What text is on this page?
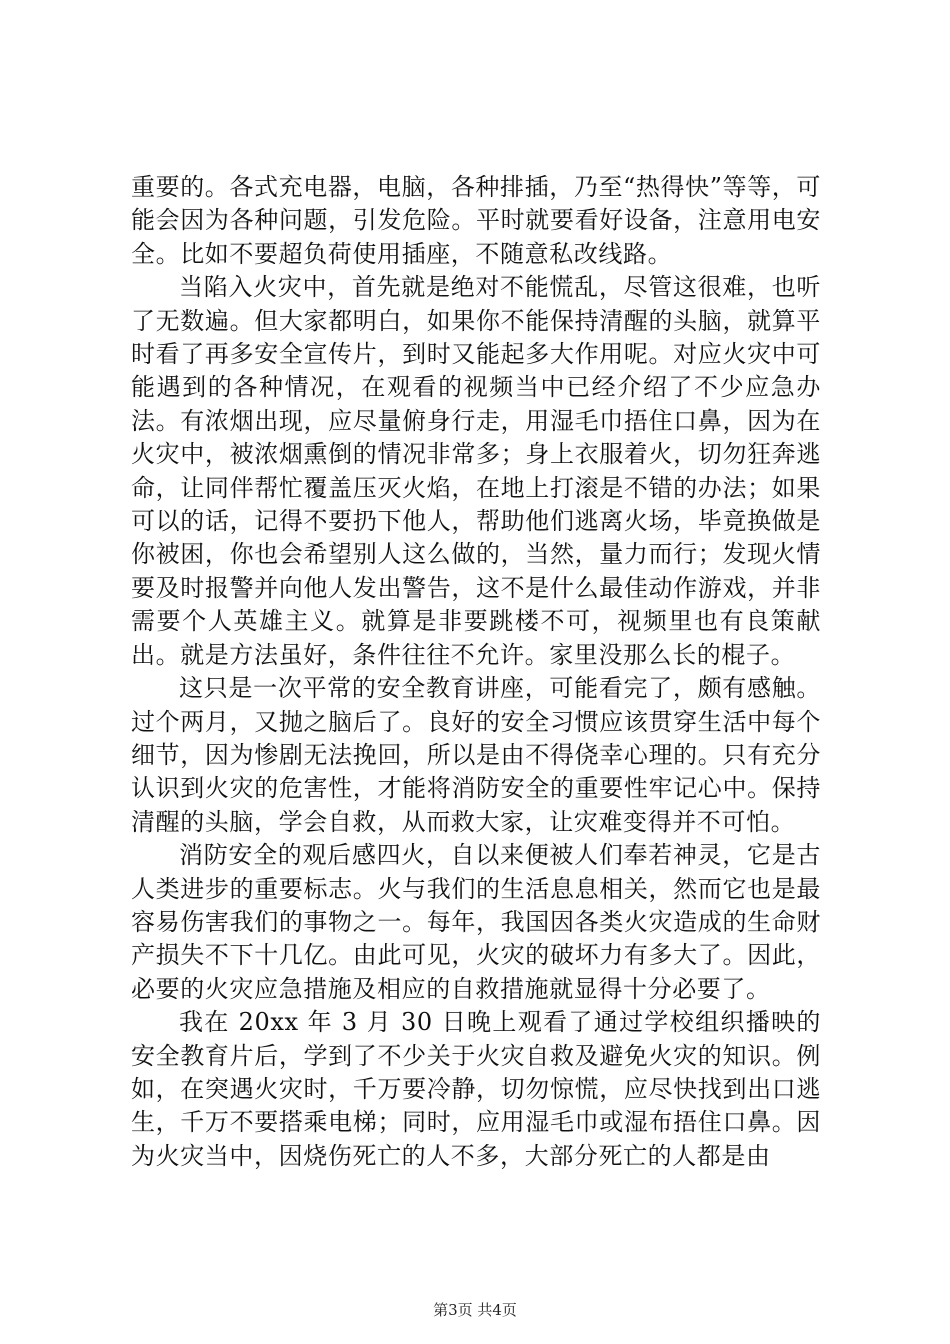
重要的。各式充电器，电脑，各种排插，乃至“热得快”等等，可能会因为各种问题，引发危险。平时就要看好设备，注意用电安全。比如不要超负荷使用插座，不随意私改线路。

当陷入火灾中，首先就是绝对不能慌乱，尽管这很难，也听了无数遍。但大家都明白，如果你不能保持清醒的头脑，就算平时看了再多安全宣传片，到时又能起多大作用呢。对应火灾中可能遇到的各种情况，在观看的视频当中已经介绍了不少应急办法。有浓烟出现，应尽量俯身行走，用湿毛巾捂住口鼻，因为在火灾中，被浓烟熏倒的情况非常多；身上衣服着火，切勿狂奔逃命，让同伴帮忙覆盖压灭火焰，在地上打滚是不错的办法；如果可以的话，记得不要扔下他人，帮助他们逃离火场，毕竟换做是你被困，你也会希望别人这么做的，当然，量力而行；发现火情要及时报警并向他人发出警告，这不是什么最佳动作游戏，并非需要个人英雄主义。就算是非要跳楼不可，视频里也有良策献出。就是方法虽好，条件往往不允许。家里没那么长的棍子。

这只是一次平常的安全教育讲座，可能看完了，颇有感触。过个两月，又抛之脑后了。良好的安全习惯应该贯穿生活中每个细节，因为惨剧无法挽回，所以是由不得侥幸心理的。只有充分认识到火灾的危害性，才能将消防安全的重要性牢记心中。保持清醒的头脑，学会自救，从而救大家，让灾难变得并不可怕。

消防安全的观后感四火，自以来便被人们奉若神灵，它是古人类进步的重要标志。火与我们的生活息息相关，然而它也是最容易伤害我们的事物之一。每年，我国因各类火灾造成的生命财产损失不下十几亿。由此可见，火灾的破坏力有多大了。因此，必要的火灾应急措施及相应的自救措施就显得十分必要了。

我在 20xx 年 3 月 30 日晚上观看了通过学校组织播映的安全教育片后，学到了不少关于火灾自救及避免火灾的知识。例如，在突遇火灾时，千万要冷静，切勿惊慌，应尽快找到出口逃生，千万不要搭乘电梯；同时，应用湿毛巾或湿布捂住口鼻。因为火灾当中，因烧伤死亡的人不多，大部分死亡的人都是由

第3页 共4页
